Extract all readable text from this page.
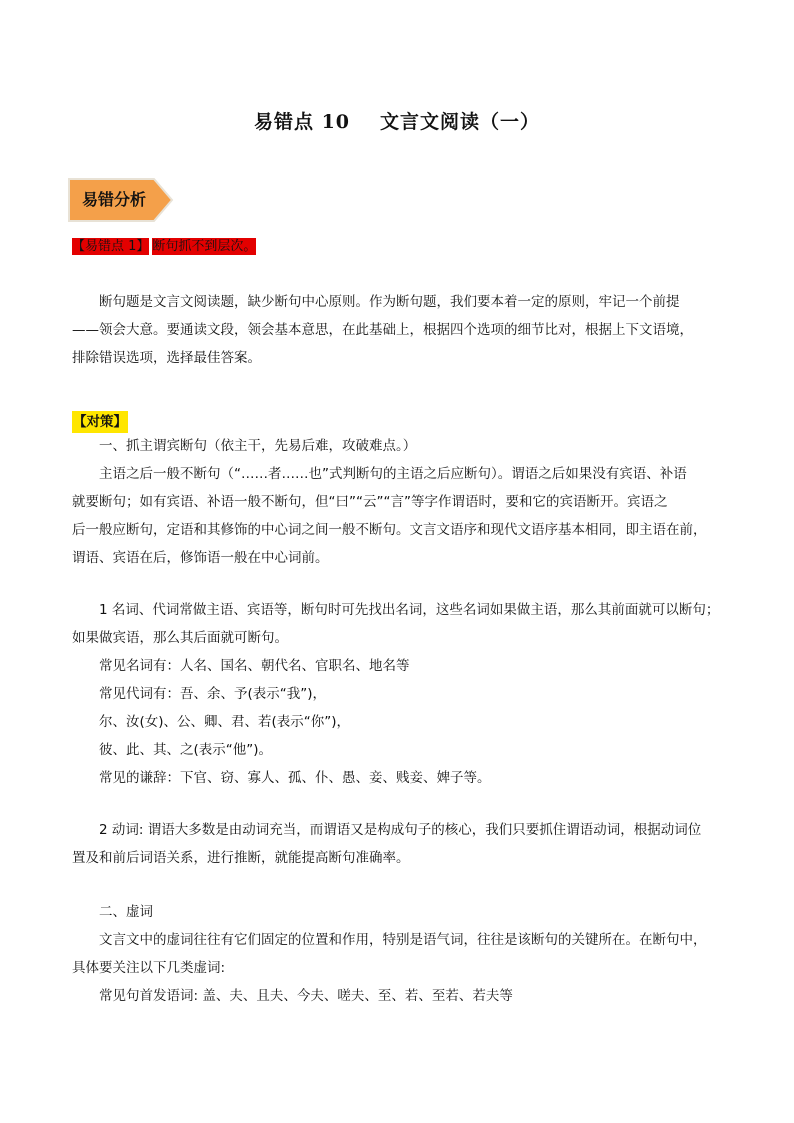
易错点 10 文言文阅读（一）
易错分析
【易错点 1】 断句抓不到层次。
断句题是文言文阅读题，缺少断句中心原则。作为断句题，我们要本着一定的原则，牢记一个前提
——领会大意。要通读文段，领会基本意思，在此基础上，根据四个选项的细节比对，根据上下文语境，
排除错误选项，选择最佳答案。
【对策】
一、抓主谓宾断句（依主干，先易后难，攻破难点。）
主语之后一般不断句（“……者……也”式判断句的主语之后应断句）。谓语之后如果没有宾语、补语
就要断句；如有宾语、补语一般不断句，但“曰”“云”“言”等字作谓语时，要和它的宾语断开。宾语之
后一般应断句，定语和其修饰的中心词之间一般不断句。文言文语序和现代文语序基本相同，即主语在前，
谓语、宾语在后，修饰语一般在中心词前。
1 名词、代词常做主语、宾语等，断句时可先找出名词，这些名词如果做主语，那么其前面就可以断句；
如果做宾语，那么其后面就可断句。
常见名词有：人名、国名、朝代名、官职名、地名等
常见代词有：吾、余、予(表示“我”)，
尔、汝(女)、公、卿、君、若(表示“你”)，
彼、此、其、之(表示“他”)。
常见的谦辞：下官、窃、寡人、孤、仆、愚、妾、贱妾、婢子等。
2 动词: 谓语大多数是由动词充当，而谓语又是构成句子的核心，我们只要抓住谓语动词，根据动词位
置及和前后词语关系，进行推断，就能提高断句准确率。
二、虚词
文言文中的虚词往往有它们固定的位置和作用，特别是语气词，往往是该断句的关键所在。在断句中，
具体要关注以下几类虚词:
常见句首发语词: 盖、夫、且夫、今夫、嗟夫、至、若、至若、若夫等
